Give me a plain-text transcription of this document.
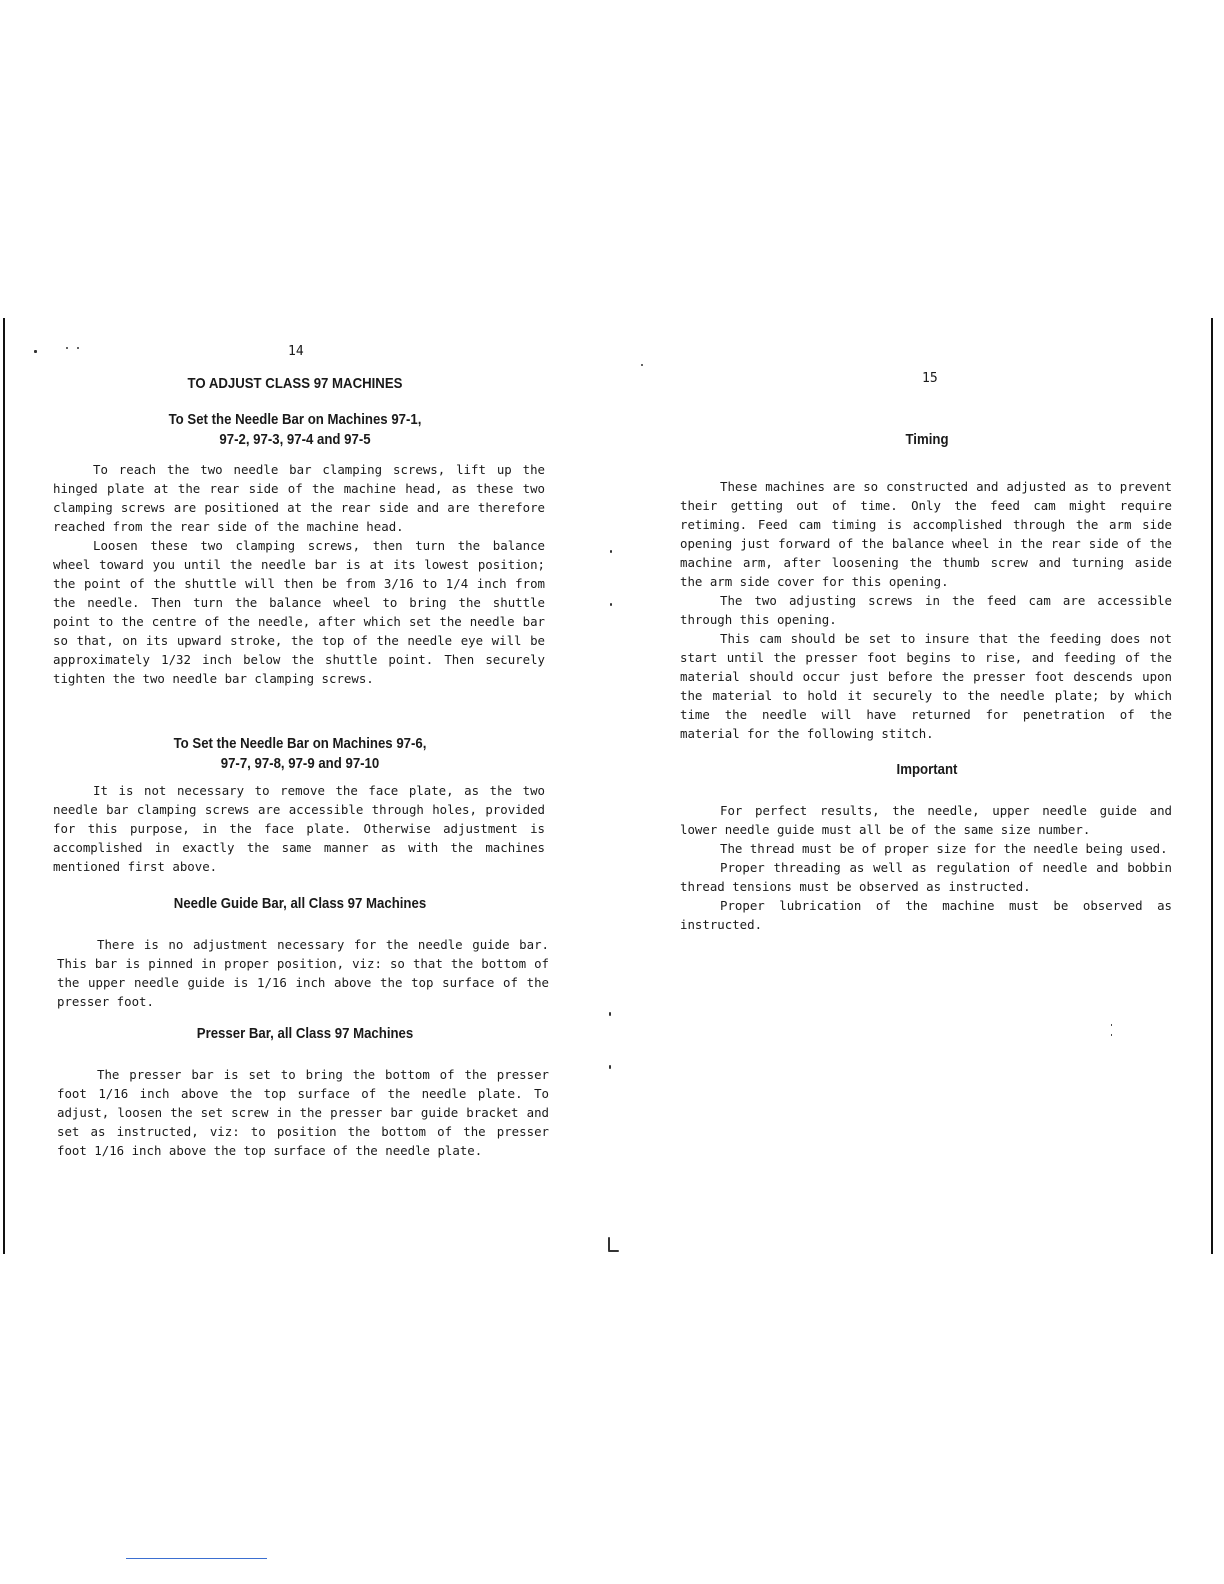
14
TO ADJUST CLASS 97 MACHINES
To Set the Needle Bar on Machines 97-1,
97-2, 97-3, 97-4 and 97-5

To reach the two needle bar clamping screws, lift up the hinged plate at the rear side of the machine head, as these two clamping screws are positioned at the rear side and are therefore reached from the rear side of the machine head.

Loosen these two clamping screws, then turn the balance wheel toward you until the needle bar is at its lowest position; the point of the shuttle will then be from 3/16 to 1/4 inch from the needle. Then turn the balance wheel to bring the shuttle point to the centre of the needle, after which set the needle bar so that, on its upward stroke, the top of the needle eye will be approximately 1/32 inch below the shuttle point. Then securely tighten the two needle bar clamping screws.

To Set the Needle Bar on Machines 97-6,
97-7, 97-8, 97-9 and 97-10

It is not necessary to remove the face plate, as the two needle bar clamping screws are accessible through holes, provided for this purpose, in the face plate. Otherwise adjustment is accomplished in exactly the same manner as with the machines mentioned first above.

Needle Guide Bar, all Class 97 Machines

There is no adjustment necessary for the needle guide bar. This bar is pinned in proper position, viz: so that the bottom of the upper needle guide is 1/16 inch above the top surface of the presser foot.

Presser Bar, all Class 97 Machines

The presser bar is set to bring the bottom of the presser foot 1/16 inch above the top surface of the needle plate. To adjust, loosen the set screw in the presser bar guide bracket and set as instructed, viz: to position the bottom of the presser foot 1/16 inch above the top surface of the needle plate.

15
Timing

These machines are so constructed and adjusted as to prevent their getting out of time. Only the feed cam might require retiming. Feed cam timing is accomplished through the arm side opening just forward of the balance wheel in the rear side of the machine arm, after loosening the thumb screw and turning aside the arm side cover for this opening.

The two adjusting screws in the feed cam are accessible through this opening.

This cam should be set to insure that the feeding does not start until the presser foot begins to rise, and feeding of the material should occur just before the presser foot descends upon the material to hold it securely to the needle plate; by which time the needle will have returned for penetration of the material for the following stitch.

Important

For perfect results, the needle, upper needle guide and lower needle guide must all be of the same size number.

The thread must be of proper size for the needle being used.

Proper threading as well as regulation of needle and bobbin thread tensions must be observed as instructed.

Proper lubrication of the machine must be observed as instructed.
